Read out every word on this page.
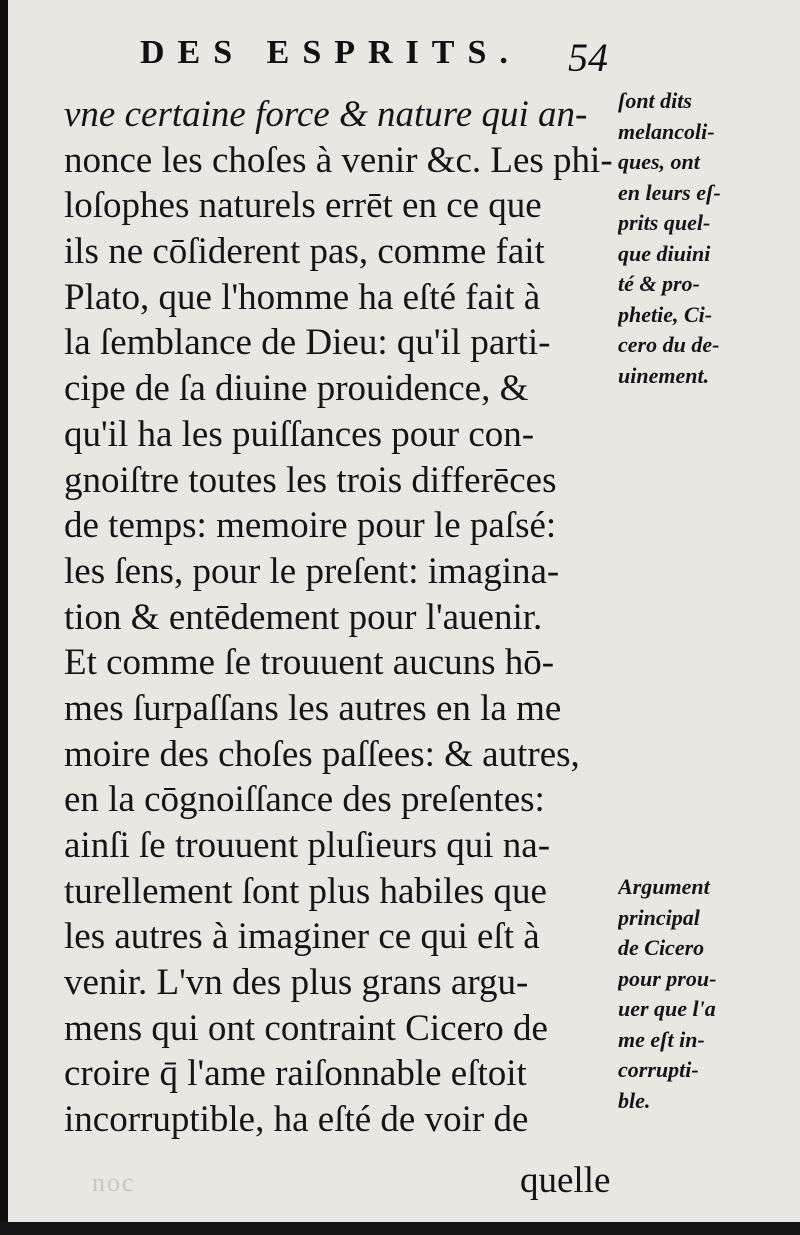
DES ESPRITS. 54
vne certaine force & nature qui an-
nonce les choſes à venir &c. Les phi-
loſophes naturels errēt en ce que
ils ne cōſiderent pas, comme fait
Plato, que l'homme ha eſté fait à
la ſemblance de Dieu: qu'il parti-
cipe de ſa diuine prouidence, &
qu'il ha les puiſſances pour con-
gnoiſtre toutes les trois differēces
de temps: memoire pour le paſsé:
les ſens, pour le preſent: imagina-
tion & entēdement pour l'auenir.
Et comme ſe trouuent aucuns hō-
mes ſurpaſſans les autres en la me
moire des choſes paſſees: & autres,
en la cōgnoiſſance des preſentes:
ainſi ſe trouuent pluſieurs qui na-
turellement ſont plus habiles que
les autres à imaginer ce qui eſt à
venir. L'vn des plus grans argu-
mens qui ont contraint Cicero de
croire q̄ l'ame raiſonnable eſtoit
incorruptible, ha eſté de voir de
quelle
ſont dits
melancoli-
ques, ont
en leurs eſ-
prits quel-
que diuini
té & pro-
phetie, Ci-
cero du de-
uinement.
Argument
principal
de Cicero
pour prou-
uer que l'a
me eſt in-
corrupti-
ble.
noc
